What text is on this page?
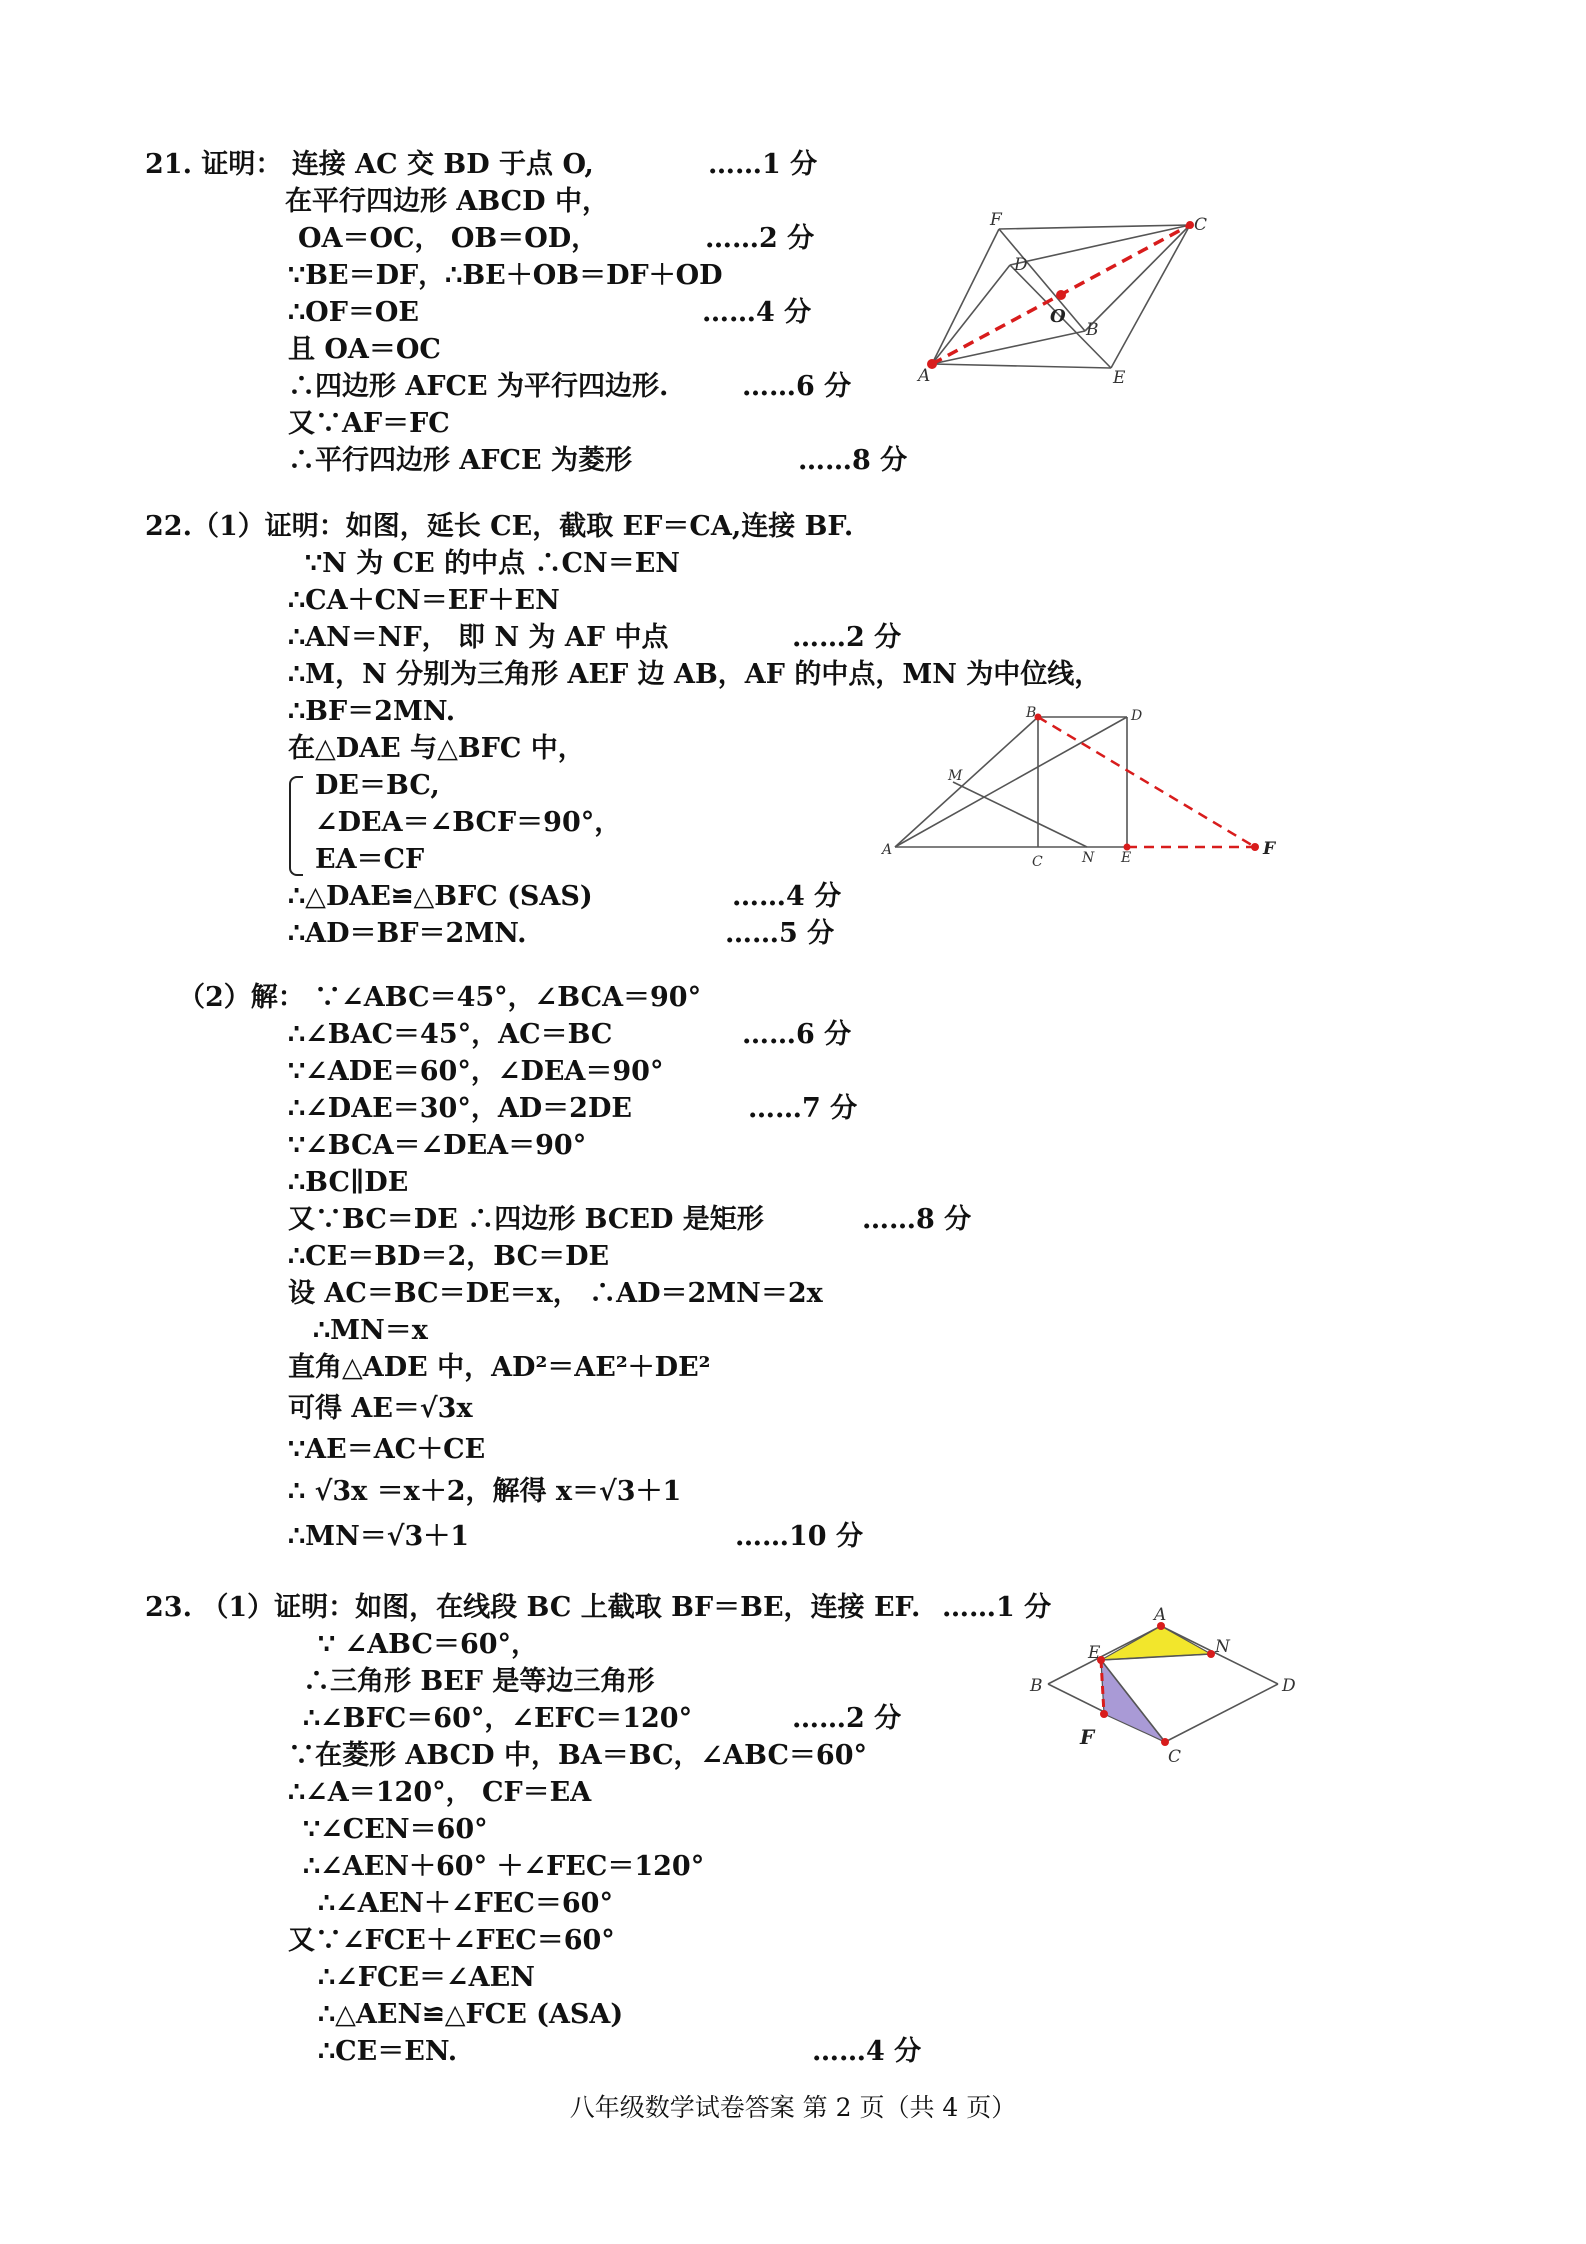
21. 证明： 连接 AC 交 BD 于点 O,
在平行四边形 ABCD 中，
OA＝OC， OB＝OD，
∵BE＝DF，∴BE＋OB＝DF＋OD
∴OF＝OE
且 OA＝OC
∴四边形 AFCE 为平行四边形.
又∵AF＝FC
∴平行四边形 AFCE 为菱形
……1 分
……2 分
……4 分
……6 分
……8 分
F	C
D
O
B
A	E
22.（1）证明：如图，延长 CE，截取 EF＝CA,连接 BF.
∵N 为 CE 的中点 ∴CN＝EN
∴CA＋CN＝EF＋EN
∴AN＝NF， 即 N 为 AF 中点
∴M，N 分别为三角形 AEF 边 AB，AF 的中点，MN 为中位线，
∴BF＝2MN.
在△DAE 与△BFC 中，
DE＝BC,
∠DEA＝∠BCF＝90°，
EA＝CF
∴△DAE≌△BFC (SAS)
∴AD＝BF＝2MN.
……2 分
……4 分
……5 分
B	D
M
A
C	N E	F
（2）解： ∵∠ABC＝45°，∠BCA＝90°
∴∠BAC＝45°，AC＝BC
∵∠ADE＝60°，∠DEA＝90°
∴∠DAE＝30°，AD＝2DE
∵∠BCA＝∠DEA＝90°
∴BC∥DE
又∵BC＝DE ∴四边形 BCED 是矩形
∴CE＝BD＝2，BC＝DE
设 AC＝BC＝DE＝x， ∴AD＝2MN＝2x
∴MN＝x
直角△ADE 中，AD²＝AE²＋DE²
可得 AE＝√3x
∵AE＝AC＋CE
∴ √3x ＝x＋2，解得 x＝√3＋1
∴MN＝√3＋1
……6 分
……7 分
……8 分
……10 分
23. （1）证明：如图，在线段 BC 上截取 BF＝BE，连接 EF.
∵ ∠ABC＝60°，
∴三角形 BEF 是等边三角形
∴∠BFC＝60°，∠EFC＝120°
∵在菱形 ABCD 中，BA＝BC，∠ABC＝60°
∴∠A＝120°， CF＝EA
∵∠CEN＝60°
∴∠AEN＋60° ＋∠FEC＝120°
∴∠AEN＋∠FEC＝60°
又∵∠FCE＋∠FEC＝60°
∴∠FCE＝∠AEN
∴△AEN≌△FCE (ASA)
∴CE＝EN.
……1 分
……2 分
……4 分
A
E	N
B	D
F
C
八年级数学试卷答案 第 2 页（共 4 页）
